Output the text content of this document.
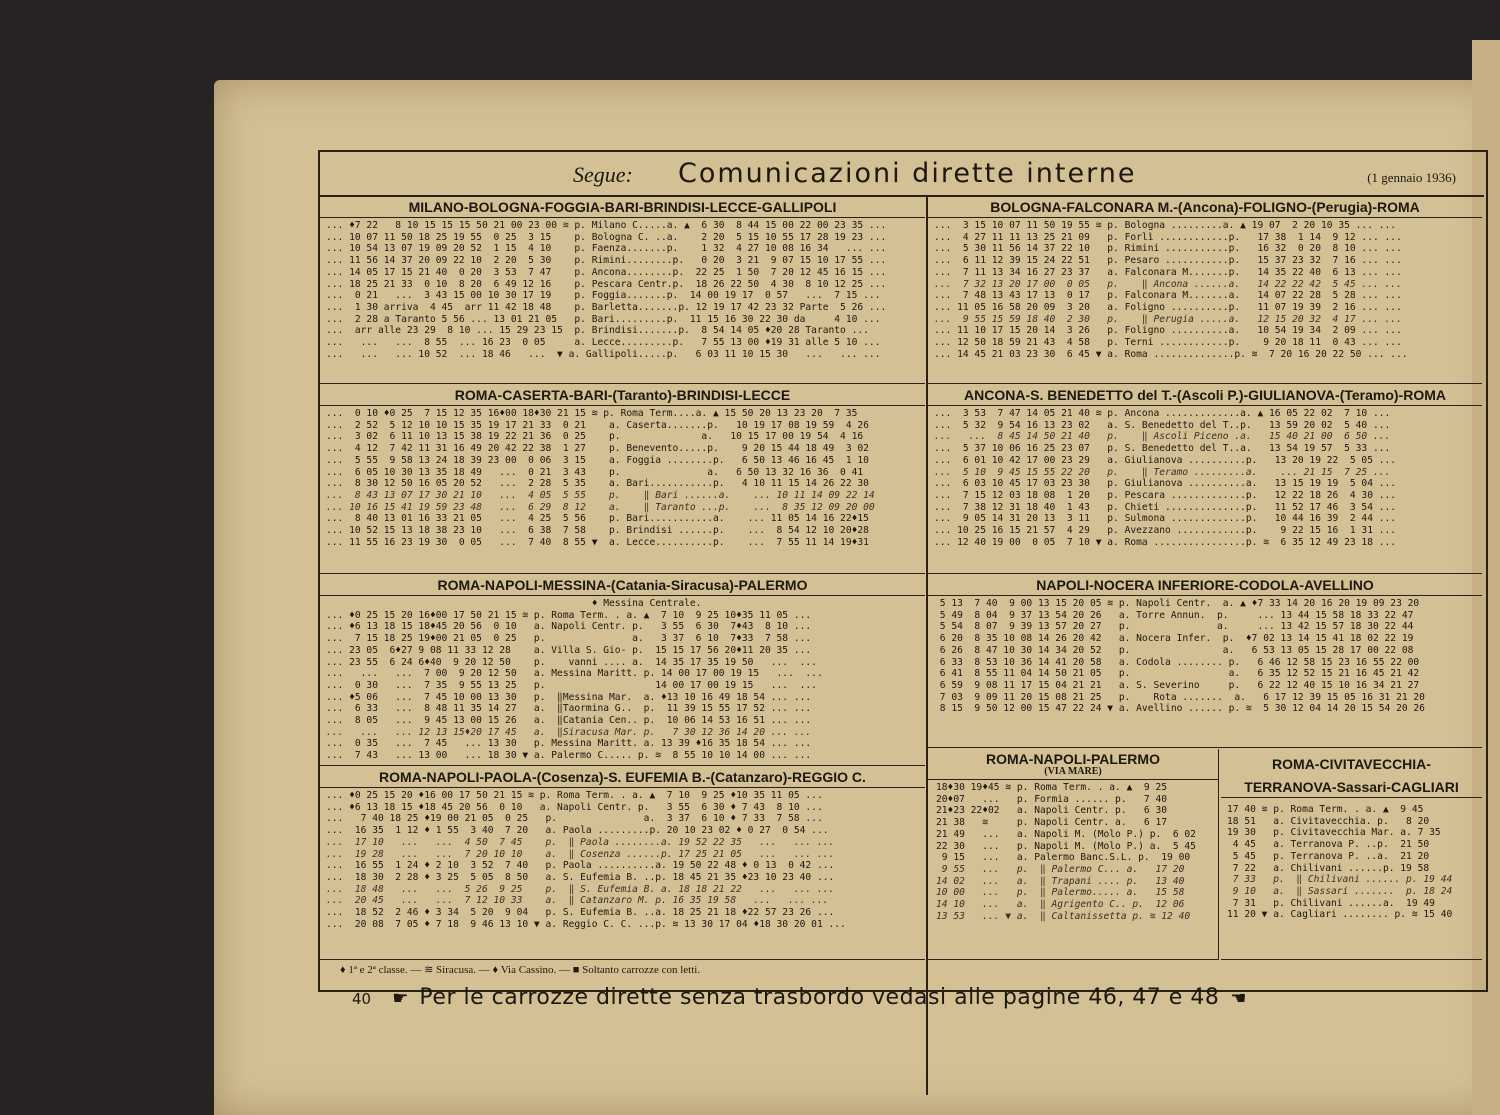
Segue: Comunicazioni dirette interne	(1 gennaio 1936)
MILANO-BOLOGNA-FOGGIA-BARI-BRINDISI-LECCE-GALLIPOLI
... ♦7 22   8 10 15 15 15 50 21 00 23 00 ≋ p. Milano C.....a. ▲  6 30  8 44 15 00 22 00 23 35 ...
... 10 07 11 50 18 25 19 55  0 25  3 15    p. Bologna C. ..a.    2 20  5 15 10 55 17 28 19 23 ...
... 10 54 13 07 19 09 20 52  1 15  4 10    p. Faenza.......p.    1 32  4 27 10 08 16 34   ... ...
... 11 56 14 37 20 09 22 10  2 20  5 30    p. Rimini........p.   0 20  3 21  9 07 15 10 17 55 ...
... 14 05 17 15 21 40  0 20  3 53  7 47    p. Ancona........p.  22 25  1 50  7 20 12 45 16 15 ...
... 18 25 21 33  0 10  8 20  6 49 12 16    p. Pescara Centr.p.  18 26 22 50  4 30  8 10 12 25 ...
...  0 21   ...  3 43 15 00 10 30 17 19    p. Foggia.......p.  14 00 19 17  0 57   ...  7 15 ...
...  1 30 arriva  4 45  arr 11 42 18 48    p. Barletta.......p. 12 19 17 42 23 32 Parte  5 26 ...
...  2 28 a Taranto 5 56 ... 13 01 21 05   p. Bari.........p.  11 15 16 30 22 30 da     4 10 ...
...  arr alle 23 29  8 10 ... 15 29 23 15  p. Brindisi.......p.  8 54 14 05 ♦20 28 Taranto ...
...   ...   ...  8 55  ... 16 23  0 05     a. Lecce.........p.   7 55 13 00 ♦19 31 alle 5 10 ...
...   ...   ... 10 52  ... 18 46   ...  ▼ a. Gallipoli.....p.   6 03 11 10 15 30   ...   ... ...
ROMA-CASERTA-BARI-(Taranto)-BRINDISI-LECCE
...  0 10 ♦0 25  7 15 12 35 16♦00 18♦30 21 15 ≋ p. Roma Term....a. ▲ 15 50 20 13 23 20  7 35
...  2 52  5 12 10 10 15 35 19 17 21 33  0 21    a. Caserta.......p.   10 19 17 08 19 59  4 26
...  3 02  6 11 10 13 15 38 19 22 21 36  0 25    p.              a.   10 15 17 00 19 54  4 16
...  4 12  7 42 11 31 16 49 20 42 22 38  1 27    p. Benevento.....p.    9 20 15 44 18 49  3 02
...  5 55  9 58 13 24 18 39 23 00  0 06  3 15    a. Foggia ........p.   6 50 13 46 16 45  1 10
...  6 05 10 30 13 35 18 49   ...  0 21  3 43    p.               a.   6 50 13 32 16 36  0 41
...  8 30 12 50 16 05 20 52   ...  2 28  5 35    a. Bari...........p.   4 10 11 15 14 26 22 30
...  8 43 13 07 17 30 21 10   ...  4 05  5 55    p.    ‖ Bari ......a.    ... 10 11 14 09 22 14
... 10 16 15 41 19 59 23 48   ...  6 29  8 12    a.    ‖ Taranto ...p.    ...  8 35 12 09 20 00
...  8 40 13 01 16 33 21 05   ...  4 25  5 56    p. Bari...........a.    ... 11 05 14 16 22♦15
... 10 52 15 13 18 38 23 10   ...  6 38  7 58    p. Brindisi ......p.    ...  8 54 12 10 20♦28
... 11 55 16 23 19 30  0 05   ...  7 40  8 55 ▼  a. Lecce..........p.    ...  7 55 11 14 19♦31
ROMA-NAPOLI-MESSINA-(Catania-Siracusa)-PALERMO
♦ Messina Centrale.
... ♦0 25 15 20 16♦00 17 50 21 15 ≋ p. Roma Term. . a. ▲  7 10  9 25 10♦35 11 05 ...
... ♦6 13 18 15 18♦45 20 56  0 10   a. Napoli Centr. p.   3 55  6 30  7♦43  8 10 ...
...  7 15 18 25 19♦00 21 05  0 25   p.               a.   3 37  6 10  7♦33  7 58 ...
... 23 05  6♦27 9 08 11 33 12 28    a. Villa S. Gio- p.  15 15 17 56 20♦11 20 35 ...
... 23 55  6 24 6♦40  9 20 12 50    p.    vanni .... a.  14 35 17 35 19 50   ...  ...
...   ...   ...  7 00  9 20 12 50   a. Messina Maritt. p. 14 00 17 00 19 15   ...  ...
...  0 30   ...  7 35  9 55 13 25   p.                   14 00 17 00 19 15   ...  ...
... ♦5 06   ...  7 45 10 00 13 30   p.  ‖Messina Mar.  a. ♦13 10 16 49 18 54 ... ...
...  6 33   ...  8 48 11 35 14 27   a.  ‖Taormina G..  p.  11 39 15 55 17 52 ... ...
...  8 05   ...  9 45 13 00 15 26   a.  ‖Catania Cen.. p.  10 06 14 53 16 51 ... ...
...   ...   ... 12 13 15♦20 17 45   a.  ‖Siracusa Mar. p.   7 30 12 36 14 20 ... ...
...  0 35   ...  7 45   ... 13 30   p. Messina Maritt. a. 13 39 ♦16 35 18 54 ... ...
...  7 43   ... 13 00   ... 18 30 ▼ a. Palermo C..... p. ≋  8 55 10 10 14 00 ... ...
ROMA-NAPOLI-PAOLA-(Cosenza)-S. EUFEMIA B.-(Catanzaro)-REGGIO C.
... ♦0 25 15 20 ♦16 00 17 50 21 15 ≋ p. Roma Term. . a. ▲  7 10  9 25 ♦10 35 11 05 ...
... ♦6 13 18 15 ♦18 45 20 56  0 10   a. Napoli Centr. p.   3 55  6 30 ♦ 7 43  8 10 ...
...   7 40 18 25 ♦19 00 21 05  0 25   p.               a.  3 37  6 10 ♦ 7 33  7 58 ...
...  16 35  1 12 ♦ 1 55  3 40  7 20   a. Paola .........p. 20 10 23 02 ♦ 0 27  0 54 ...
...  17 10   ...   ...  4 50  7 45    p.  ‖ Paola ........a. 19 52 22 35   ...   ... ...
...  19 28   ...   ...  7 20 10 10    a.  ‖ Cosenza ......p. 17 25 21 05   ...   ... ...
...  16 55  1 24 ♦ 2 10  3 52  7 40   p. Paola ..........a. 19 50 22 48 ♦ 0 13  0 42 ...
...  18 30  2 28 ♦ 3 25  5 05  8 50   a. S. Eufemia B. ..p. 18 45 21 35 ♦23 10 23 40 ...
...  18 48   ...   ...  5 26  9 25    p.  ‖ S. Eufemia B. a. 18 18 21 22   ...   ... ...
...  20 45   ...   ...  7 12 10 33    a.  ‖ Catanzaro M. p. 16 35 19 58   ...   ... ...
...  18 52  2 46 ♦ 3 34  5 20  9 04   p. S. Eufemia B. ..a. 18 25 21 18 ♦22 57 23 26 ...
...  20 08  7 05 ♦ 7 18  9 46 13 10 ▼ a. Reggio C. C. ...p. ≋ 13 30 17 04 ♦18 30 20 01 ...
BOLOGNA-FALCONARA M.-(Ancona)-FOLIGNO-(Perugia)-ROMA
...  3 15 10 07 11 50 19 55 ≋ p. Bologna .........a. ▲ 19 07  2 20 10 35 ... ...
...  4 27 11 11 13 25 21 09   p. Forlì ............p.   17 38  1 14  9 12 ... ...
...  5 30 11 56 14 37 22 10   p. Rimini ...........p.   16 32  0 20  8 10 ... ...
...  6 11 12 39 15 24 22 51   p. Pesaro ...........p.   15 37 23 32  7 16 ... ...
...  7 11 13 34 16 27 23 37   a. Falconara M.......p.   14 35 22 40  6 13 ... ...
...  7 32 13 20 17 00  0 05   p.    ‖ Ancona ......a.   14 22 22 42  5 45 ... ...
...  7 48 13 43 17 13  0 17   p. Falconara M.......a.   14 07 22 28  5 28 ... ...
... 11 05 16 58 20 09  3 20   a. Foligno ..........p.   11 07 19 39  2 16 ... ...
...  9 55 15 59 18 40  2 30   p.    ‖ Perugia .....a.   12 15 20 32  4 17 ... ...
... 11 10 17 15 20 14  3 26   p. Foligno ..........a.   10 54 19 34  2 09 ... ...
... 12 50 18 59 21 43  4 58   p. Terni ............p.    9 20 18 11  0 43 ... ...
... 14 45 21 03 23 30  6 45 ▼ a. Roma ..............p. ≋  7 20 16 20 22 50 ... ...
ANCONA-S. BENEDETTO del T.-(Ascoli P.)-GIULIANOVA-(Teramo)-ROMA
...  3 53  7 47 14 05 21 40 ≋ p. Ancona .............a. ▲ 16 05 22 02  7 10 ...
...  5 32  9 54 16 13 23 02   a. S. Benedetto del T..p.   13 59 20 02  5 40 ...
...   ...  8 45 14 50 21 40   p.    ‖ Ascoli Piceno .a.   15 40 21 00  6 50 ...
...  5 37 10 06 16 25 23 07   p. S. Benedetto del T..a.   13 54 19 57  5 33 ...
...  6 01 10 42 17 00 23 29   a. Giulianova ..........p.   13 20 19 22  5 05 ...
...  5 10  9 45 15 55 22 20   p.    ‖ Teramo .........a.    ... 21 15  7 25 ...
...  6 03 10 45 17 03 23 30   p. Giulianova ..........a.   13 15 19 19  5 04 ...
...  7 15 12 03 18 08  1 20   p. Pescara .............p.   12 22 18 26  4 30 ...
...  7 38 12 31 18 40  1 43   p. Chieti ..............p.   11 52 17 46  3 54 ...
...  9 05 14 31 20 13  3 11   p. Sulmona .............p.   10 44 16 39  2 44 ...
... 10 25 16 15 21 57  4 29   p. Avezzano ............p.    9 22 15 16  1 31 ...
... 12 40 19 00  0 05  7 10 ▼ a. Roma ................p. ≋  6 35 12 49 23 18 ...
NAPOLI-NOCERA INFERIORE-CODOLA-AVELLINO
5 13  7 40  9 00 13 15 20 05 ≋ p. Napoli Centr.  a. ▲ ♦7 33 14 20 16 20 19 09 23 20
5 49  8 04  9 37 13 54 20 26   a. Torre Annun.  p.     ... 13 44 15 58 18 33 22 47
5 54  8 07  9 39 13 57 20 27   p.               a.     ... 13 42 15 57 18 30 22 44
6 20  8 35 10 08 14 26 20 42   a. Nocera Infer.  p.  ♦7 02 13 14 15 41 18 02 22 19
6 26  8 47 10 30 14 34 20 52   p.                a.   6 53 13 05 15 28 17 00 22 08
6 33  8 53 10 36 14 41 20 58   a. Codola ........ p.   6 46 12 58 15 23 16 55 22 00
6 41  8 55 11 04 14 50 21 05   p.                 a.   6 35 12 52 15 21 16 45 21 42
6 59  9 08 11 17 15 04 21 21   a. S. Severino     p.   6 22 12 40 15 10 16 34 21 27
7 03  9 09 11 20 15 08 21 25   p.    Rota .......  a.   6 17 12 39 15 05 16 31 21 20
8 15  9 50 12 00 15 47 22 24 ▼ a. Avellino ...... p. ≋  5 30 12 04 14 20 15 54 20 26
ROMA-NAPOLI-PALERMO
(VIA MARE)
18♦30 19♦45 ≋ p. Roma Term. . a. ▲  9 25
20♦07   ...   p. Formia ...... p.   7 40
21♦23 22♦02   a. Napoli Centr. p.   6 30
21 38   ≋     p. Napoli Centr. a.   6 17
21 49   ...   a. Napoli M. (Molo P.) p.  6 02
22 30   ...   p. Napoli M. (Molo P.) a.  5 45
9 15   ...   a. Palermo Banc.S.L. p.  19 00
9 55   ...   p.  ‖ Palermo C... a.   17 20
14 02   ...   a.  ‖ Trapani .... p.   13 40
10 00   ...   p.  ‖ Palermo..... a.   15 58
14 10   ...   a.  ‖ Agrigento C.. p.  12 06
13 53   ... ▼ a.  ‖ Caltanissetta p. ≋ 12 40
ROMA-CIVITAVECCHIA-
TERRANOVA-Sassari-CAGLIARI
17 40 ≋ p. Roma Term. . a. ▲  9 45
18 51   a. Civitavecchia. p.   8 20
19 30   p. Civitavecchia Mar. a. 7 35
4 45   a. Terranova P. ..p.  21 50
5 45   p. Terranova P. ..a.  21 20
7 22   a. Chilivani ......p. 19 58
7 33   p.  ‖ Chilivani ...... p. 19 44
9 10   a.  ‖ Sassari .......  p. 18 24
7 31   p. Chilivani ......a.  19 49
11 20 ▼ a. Cagliari ........ p. ≋ 15 40
♦ 1ª e 2ª classe. — ≋ Siracusa. — ♦ Via Cassino. — ■ Soltanto carrozze con letti.
40 ☛ Per le carrozze dirette senza trasbordo vedasi alle pagine 46, 47 e 48 ☚
